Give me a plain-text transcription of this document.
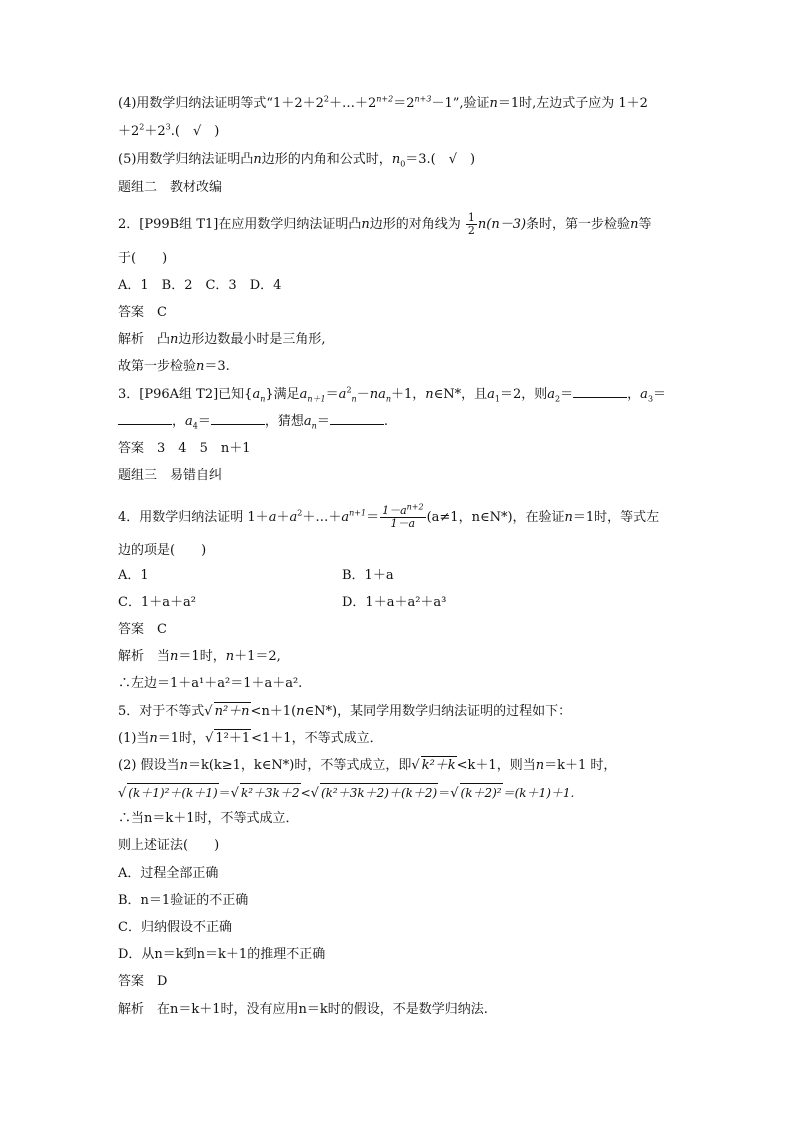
(4)用数学归纳法证明等式“$1+2+2^2+\dots+2^{n+2}=2^{n+3}-1$”,验证n＝1时,左边式子应为 1＋2
$+2^2+2^3$.(　√　)
(5)用数学归纳法证明凸n边形的内角和公式时，$n_0=3$.(　√　)
题组二　教材改编
2．[P99B组 T1]在应用数学归纳法证明凸n边形的对角线为 $\frac{1}{2} n(n-3)$条时，第一步检验n等
于(　　)
A．1　B．2　C．3　D．4
答案　 C
解析　 凸n边形边数最小时是三角形,
故第一步检验n＝3.
3．[P96A组 T2]已知$\{a_n\}$满足$a_{n+1}=a^2_n-na_n+1$，n∈N*，且$a_1=2$，则$a_2=$	，$a_3=$
，$a_4=$	，猜想$a_n=$	.
答案　 3　4　5　n＋1
题组三　易错自纠
4．用数学归纳法证明 $1+a+a^2+\dots+a^{n+1}= \frac{1-a^{n+2}}{1-a} (a\ne 1$，n∈N*)，在验证n＝1时，等式左
边的项是(　　)
A．1	B．1＋a
C．1＋a＋a²	D．1＋a＋a²＋a³
答案　 C
解析　 当n＝1时，n＋1＝2,
∴左边＝1＋a¹＋a²＝1＋a＋a².
5．对于不等式√ n²＋n<n＋1(n∈N*)，某同学用数学归纳法证明的过程如下：
(1)当n＝1时，√ 1²＋1<1＋1，不等式成立．
(2) 假设当n＝k(k≥1，k∈N*)时，不等式成立，即√ k²＋k<k＋1，则当n＝k＋1 时，
√ (k＋1)²＋(k＋1)＝√ k²＋3k＋2<√ (k²＋3k＋2)＋(k＋2)＝√ (k＋2)²＝(k＋1)＋1.
∴当n＝k＋1时，不等式成立．
则上述证法(　　)
A．过程全部正确
B．n＝1验证的不正确
C．归纳假设不正确
D．从n＝k到n＝k＋1的推理不正确
答案　 D
解析　 在n＝k＋1时，没有应用n＝k时的假设，不是数学归纳法.
